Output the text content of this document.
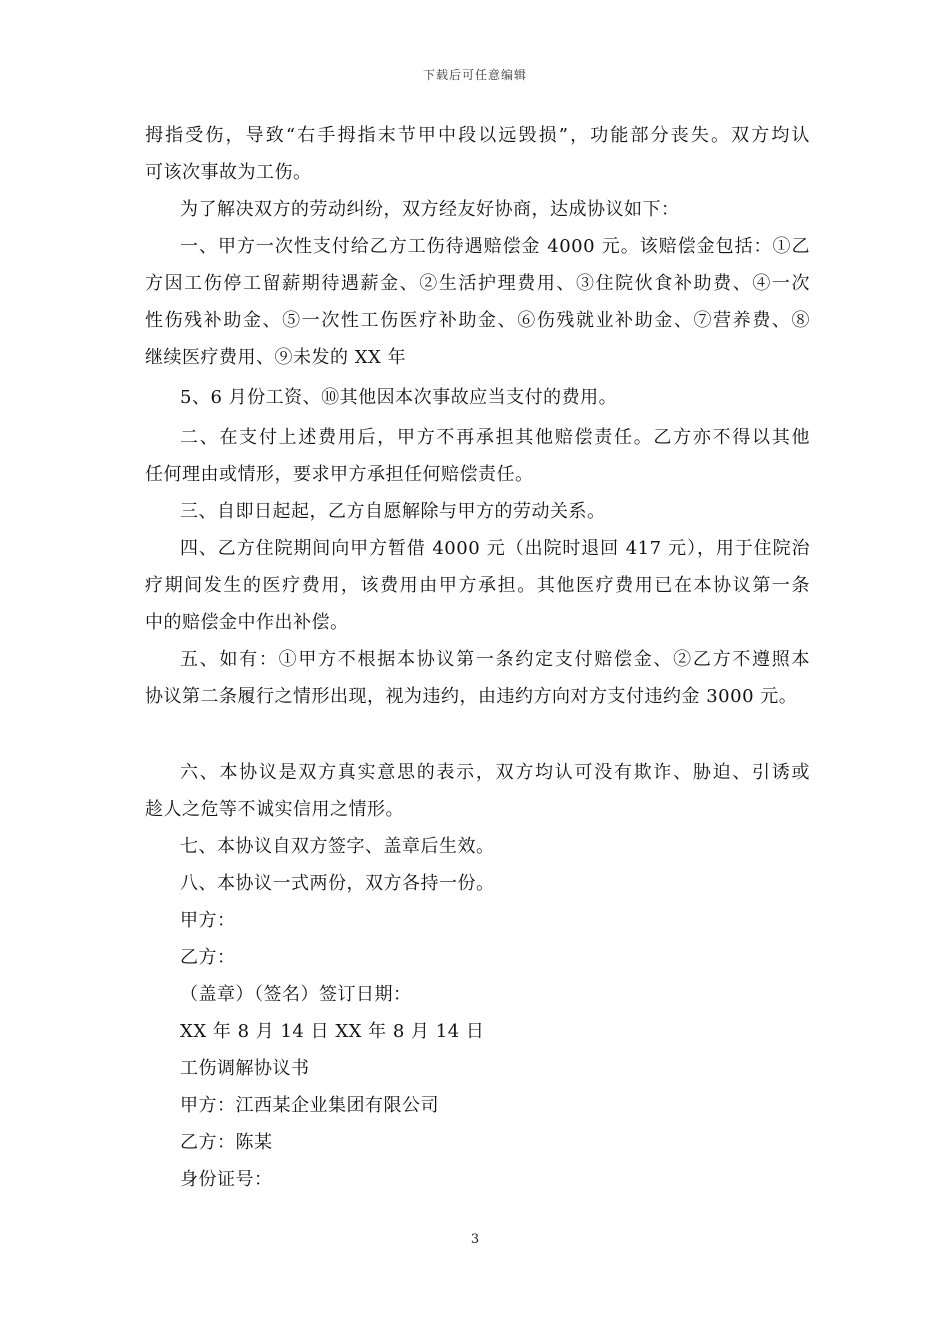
下载后可任意编辑
拇指受伤，导致“右手拇指末节甲中段以远毁损”，功能部分丧失。双方均认
可该次事故为工伤。
为了解决双方的劳动纠纷，双方经友好协商，达成协议如下：
一、甲方一次性支付给乙方工伤待遇赔偿金 4000 元。该赔偿金包括：①乙
方因工伤停工留薪期待遇薪金、②生活护理费用、③住院伙食补助费、④一次
性伤残补助金、⑤一次性工伤医疗补助金、⑥伤残就业补助金、⑦营养费、⑧
继续医疗费用、⑨未发的 XX 年
5、6 月份工资、⑩其他因本次事故应当支付的费用。
二、在支付上述费用后，甲方不再承担其他赔偿责任。乙方亦不得以其他
任何理由或情形，要求甲方承担任何赔偿责任。
三、自即日起起，乙方自愿解除与甲方的劳动关系。
四、乙方住院期间向甲方暂借 4000 元（出院时退回 417 元），用于住院治
疗期间发生的医疗费用，该费用由甲方承担。其他医疗费用已在本协议第一条
中的赔偿金中作出补偿。
五、如有：①甲方不根据本协议第一条约定支付赔偿金、②乙方不遵照本
协议第二条履行之情形出现，视为违约，由违约方向对方支付违约金 3000 元。
六、本协议是双方真实意思的表示，双方均认可没有欺诈、胁迫、引诱或
趁人之危等不诚实信用之情形。
七、本协议自双方签字、盖章后生效。
八、本协议一式两份，双方各持一份。
甲方：
乙方：
（盖章）（签名）签订日期：
XX 年 8 月 14 日 XX 年 8 月 14 日
工伤调解协议书
甲方：江西某企业集团有限公司
乙方：陈某
身份证号：
3
